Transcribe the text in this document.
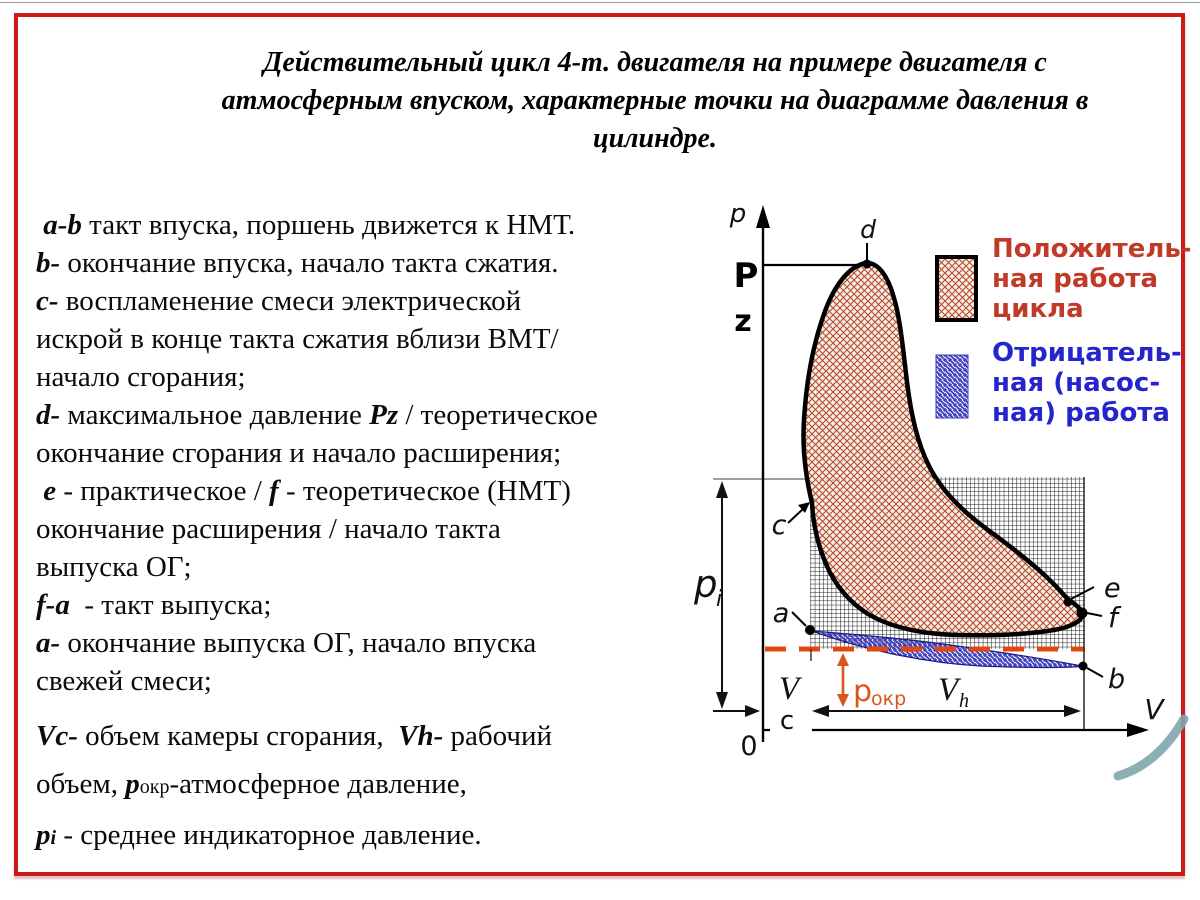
Действительный цикл 4-т. двигателя на примере двигателя с
атмосферным впуском, характерные точки на диаграмме давления в
цилиндре.

a-b такт впуска, поршень движется к НМТ.

b- окончание впуска, начало такта сжатия.

c- воспламенение смеси электрической

искрой в конце такта сжатия вблизи ВМТ/

начало сгорания;

d- максимальное давление Pz / теоретическое

окончание сгорания и начало расширения;

e - практическое / f - теоретическое (НМТ)

окончание расширения / начало такта

выпуска ОГ;

f-a  - такт выпуска;

a- окончание выпуска ОГ, начало впуска

свежей смеси;

Vc- объем камеры сгорания,  Vh- рабочий

объем, pокр-атмосферное давление,

pi - среднее индикаторное давление.

p
d
P
z
c
a
p
i
0
V
c
p
окр V h
e
f
b
V
Положитель-
ная работа
цикла
Отрицатель-
ная (насос-
ная) работа
